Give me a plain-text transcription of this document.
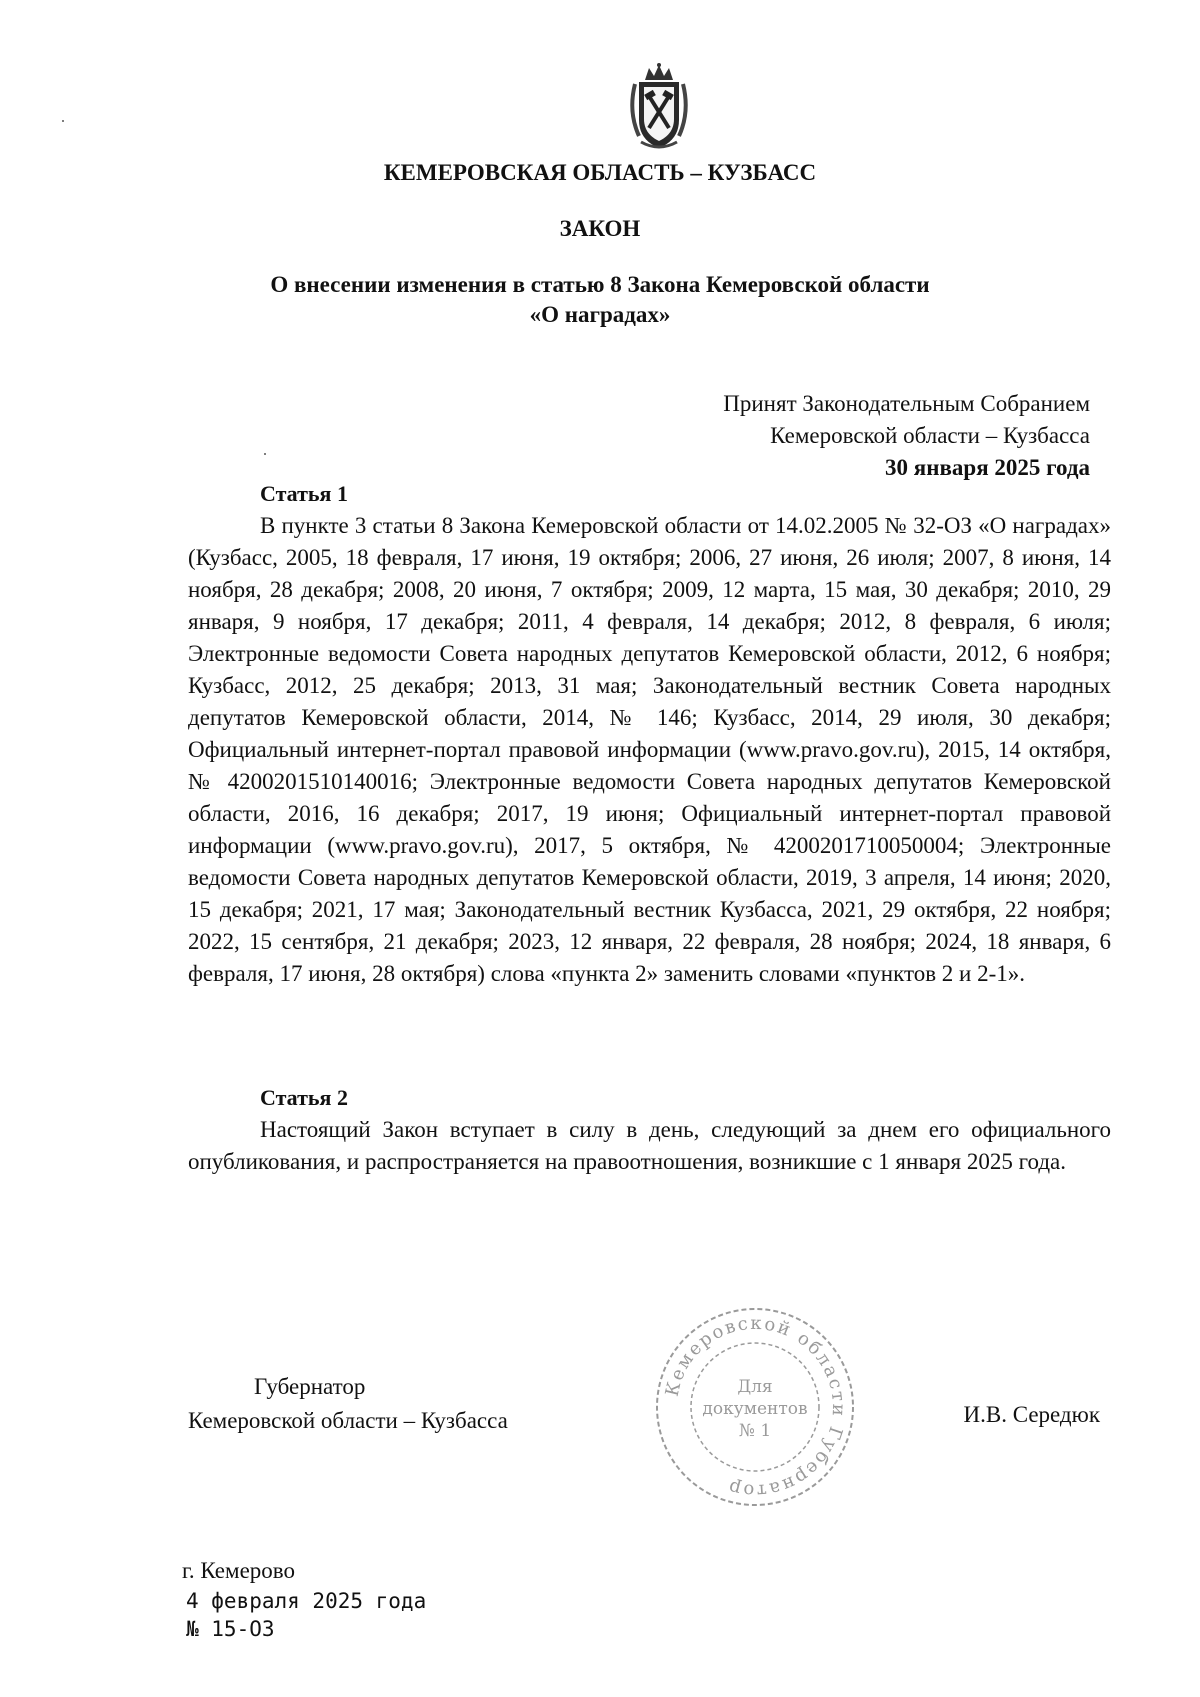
КЕМЕРОВСКАЯ ОБЛАСТЬ – КУЗБАСС
ЗАКОН
О внесении изменения в статью 8 Закона Кемеровской области
«О наградах»
Принят Законодательным Собранием
Кемеровской области – Кузбасса
30 января 2025 года
Статья 1
В пункте 3 статьи 8 Закона Кемеровской области от 14.02.2005 № 32-ОЗ «О наградах» (Кузбасс, 2005, 18 февраля, 17 июня, 19 октября; 2006, 27 июня, 26 июля; 2007, 8 июня, 14 ноября, 28 декабря; 2008, 20 июня, 7 октября; 2009, 12 марта, 15 мая, 30 декабря; 2010, 29 января, 9 ноября, 17 декабря; 2011, 4 февраля, 14 декабря; 2012, 8 февраля, 6 июля; Электронные ведомости Совета народных депутатов Кемеровской области, 2012, 6 ноября; Кузбасс, 2012, 25 декабря; 2013, 31 мая; Законодательный вестник Совета народных депутатов Кемеровской области, 2014, № 146; Кузбасс, 2014, 29 июля, 30 декабря; Официальный интернет-портал правовой информации (www.pravo.gov.ru), 2015, 14 октября, № 4200201510140016; Электронные ведомости Совета народных депутатов Кемеровской области, 2016, 16 декабря; 2017, 19 июня; Официальный интернет-портал правовой информации (www.pravo.gov.ru), 2017, 5 октября, № 4200201710050004; Электронные ведомости Совета народных депутатов Кемеровской области, 2019, 3 апреля, 14 июня; 2020, 15 декабря; 2021, 17 мая; Законодательный вестник Кузбасса, 2021, 29 октября, 22 ноября; 2022, 15 сентября, 21 декабря; 2023, 12 января, 22 февраля, 28 ноября; 2024, 18 января, 6 февраля, 17 июня, 28 октября) слова «пункта 2» заменить словами «пунктов 2 и 2-1».
Статья 2
Настоящий Закон вступает в силу в день, следующий за днем его официального опубликования, и распространяется на правоотношения, возникшие с 1 января 2025 года.
Губернатор
Кемеровской области – Кузбасса
Кемеровской области Губернатор
Для
документов
№ 1
И.В. Середюк
г. Кемерово
4 февраля 2025 года
№ 15-ОЗ
